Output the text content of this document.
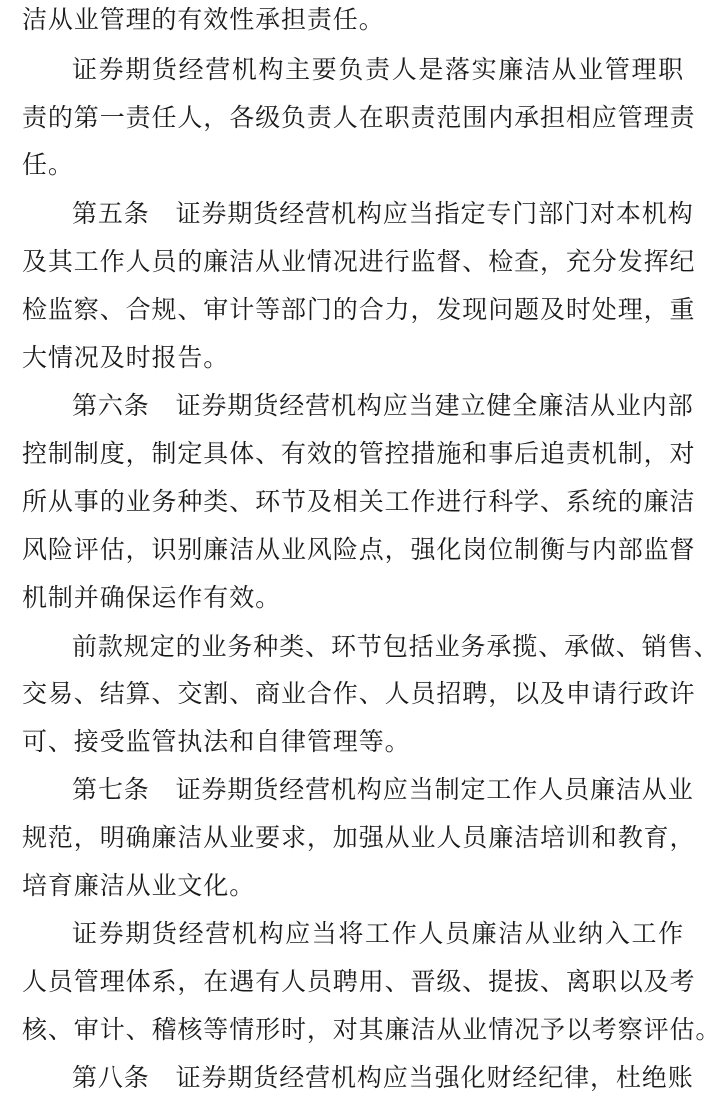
洁从业管理的有效性承担责任。

证券期货经营机构主要负责人是落实廉洁从业管理职

责的第一责任人，各级负责人在职责范围内承担相应管理责

任。

第五条　证券期货经营机构应当指定专门部门对本机构

及其工作人员的廉洁从业情况进行监督、检查，充分发挥纪

检监察、合规、审计等部门的合力，发现问题及时处理，重

大情况及时报告。

第六条　证券期货经营机构应当建立健全廉洁从业内部

控制制度，制定具体、有效的管控措施和事后追责机制，对

所从事的业务种类、环节及相关工作进行科学、系统的廉洁

风险评估，识别廉洁从业风险点，强化岗位制衡与内部监督

机制并确保运作有效。

前款规定的业务种类、环节包括业务承揽、承做、销售、

交易、结算、交割、商业合作、人员招聘，以及申请行政许

可、接受监管执法和自律管理等。

第七条　证券期货经营机构应当制定工作人员廉洁从业

规范，明确廉洁从业要求，加强从业人员廉洁培训和教育，

培育廉洁从业文化。

证券期货经营机构应当将工作人员廉洁从业纳入工作

人员管理体系，在遇有人员聘用、晋级、提拔、离职以及考

核、审计、稽核等情形时，对其廉洁从业情况予以考察评估。

第八条　证券期货经营机构应当强化财经纪律，杜绝账
